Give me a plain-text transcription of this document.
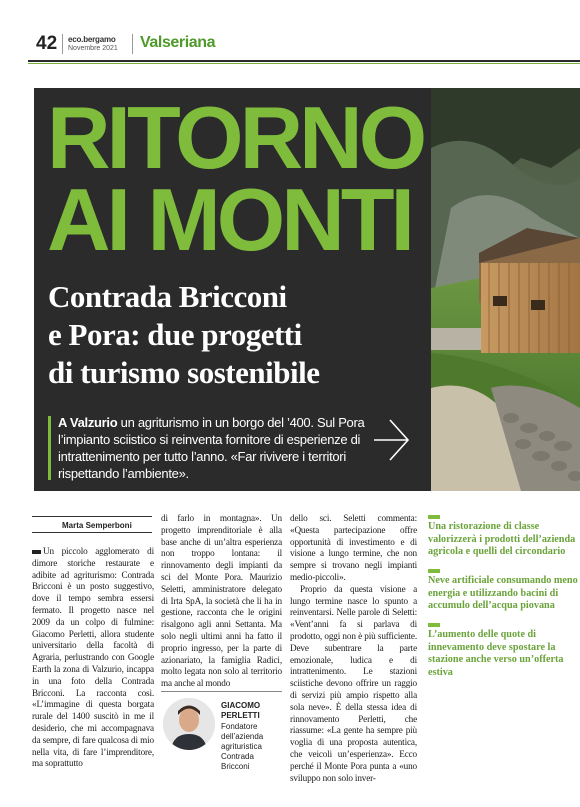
42 eco.bergamo
Novembre 2021 Valseriana
RITORNO
AI MONTI
Contrada Bricconi
e Pora: due progetti
di turismo sostenibile
A Valzurio un agriturismo in un borgo del ’400. Sul Pora l’impianto sciistico si reinventa fornitore di esperienze di intrattenimento per tutto l’anno. «Far rivivere i territori rispettando l’ambiente».
Marta Semperboni

Un piccolo agglomerato di dimore storiche restaurate e adibite ad agriturismo: Contrada Bricconi è un posto suggestivo, dove il tempo sembra essersi fermato. Il progetto nasce nel 2009 da un colpo di fulmine: Giacomo Perletti, allora studente universitario della facoltà di Agraria, perlustrando con Google Earth la zona di Valzurio, incappa in una foto della Contrada Bricconi. La racconta così. «L’immagine di questa borgata rurale del 1400 suscitò in me il desiderio, che mi accompagnava da sempre, di fare qualcosa di mio nella vita, di fare l’imprenditore, ma soprattutto

di farlo in montagna». Un progetto imprenditoriale è alla base anche di un’altra esperienza non troppo lontana: il rinnovamento degli impianti da sci del Monte Pora. Maurizio Seletti, amministratore delegato di Irta SpA, la società che li ha in gestione, racconta che le origini risalgono agli anni Settanta. Ma solo negli ultimi anni ha fatto il proprio ingresso, per la parte di azionariato, la famiglia Radici, molto legata non solo al territorio ma anche al mondo

dello sci. Seletti commenta: «Questa partecipazione offre opportunità di investimento e di visione a lungo termine, che non sempre si trovano negli impianti medio-piccoli».

Proprio da questa visione a lungo termine nasce lo spunto a reinventarsi. Nelle parole di Seletti: «Vent’anni fa si parlava di prodotto, oggi non è più sufficiente. Deve subentrare la parte emozionale, ludica e di intrattenimento. Le stazioni sciistiche devono offrire un raggio di servizi più ampio rispetto alla sola neve». È della stessa idea di rinnovamento Perletti, che riassume: «La gente ha sempre più voglia di una proposta autentica, che veicoli un’esperienza». Ecco perché il Monte Pora punta a «uno sviluppo non solo inver-

GIACOMO
PERLETTI
Fondatore
dell’azienda
agrituristica
Contrada
Bricconi
Una ristorazione di classe valorizzerà i prodotti dell’azienda agricola e quelli del circondario
Neve artificiale consumando meno energia e utilizzando bacini di accumulo dell’acqua piovana
L’aumento delle quote di innevamento deve spostare la stazione anche verso un’offerta estiva
